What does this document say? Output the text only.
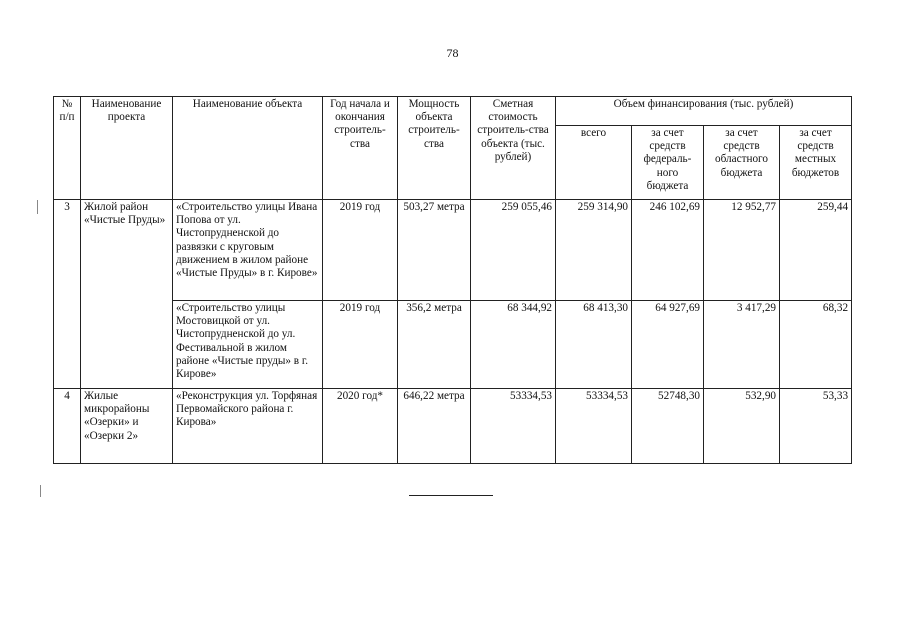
78
№ п/п	Наименование проекта	Наименование объекта	Год начала и окончания строитель-ства	Мощность объекта строитель-ства	Сметная стоимость строитель-ства объекта (тыс. рублей)	Объем финансирования (тыс. рублей)			
						всего	за счет средств федераль-ного бюджета	за счет средств областного бюджета	за счет средств местных бюджетов
3	Жилой район «Чистые Пруды»	«Строительство улицы Ивана Попова от ул. Чистопрудненской до развязки с круговым движением в жилом районе «Чистые Пруды» в г. Кирове»	2019 год	503,27 метра	259 055,46	259 314,90	246 102,69	12 952,77	259,44
		«Строительство улицы Мостовицкой от ул. Чистопрудненской до ул. Фестивальной в жилом районе «Чистые пруды» в г. Кирове»	2019 год	356,2 метра	68 344,92	68 413,30	64 927,69	3 417,29	68,32
4	Жилые микрорайоны «Озерки» и «Озерки 2»	«Реконструкция ул. Торфяная Первомайского района г. Кирова»	2020 год*	646,22 метра	53334,53	53334,53	52748,30	532,90	53,33
